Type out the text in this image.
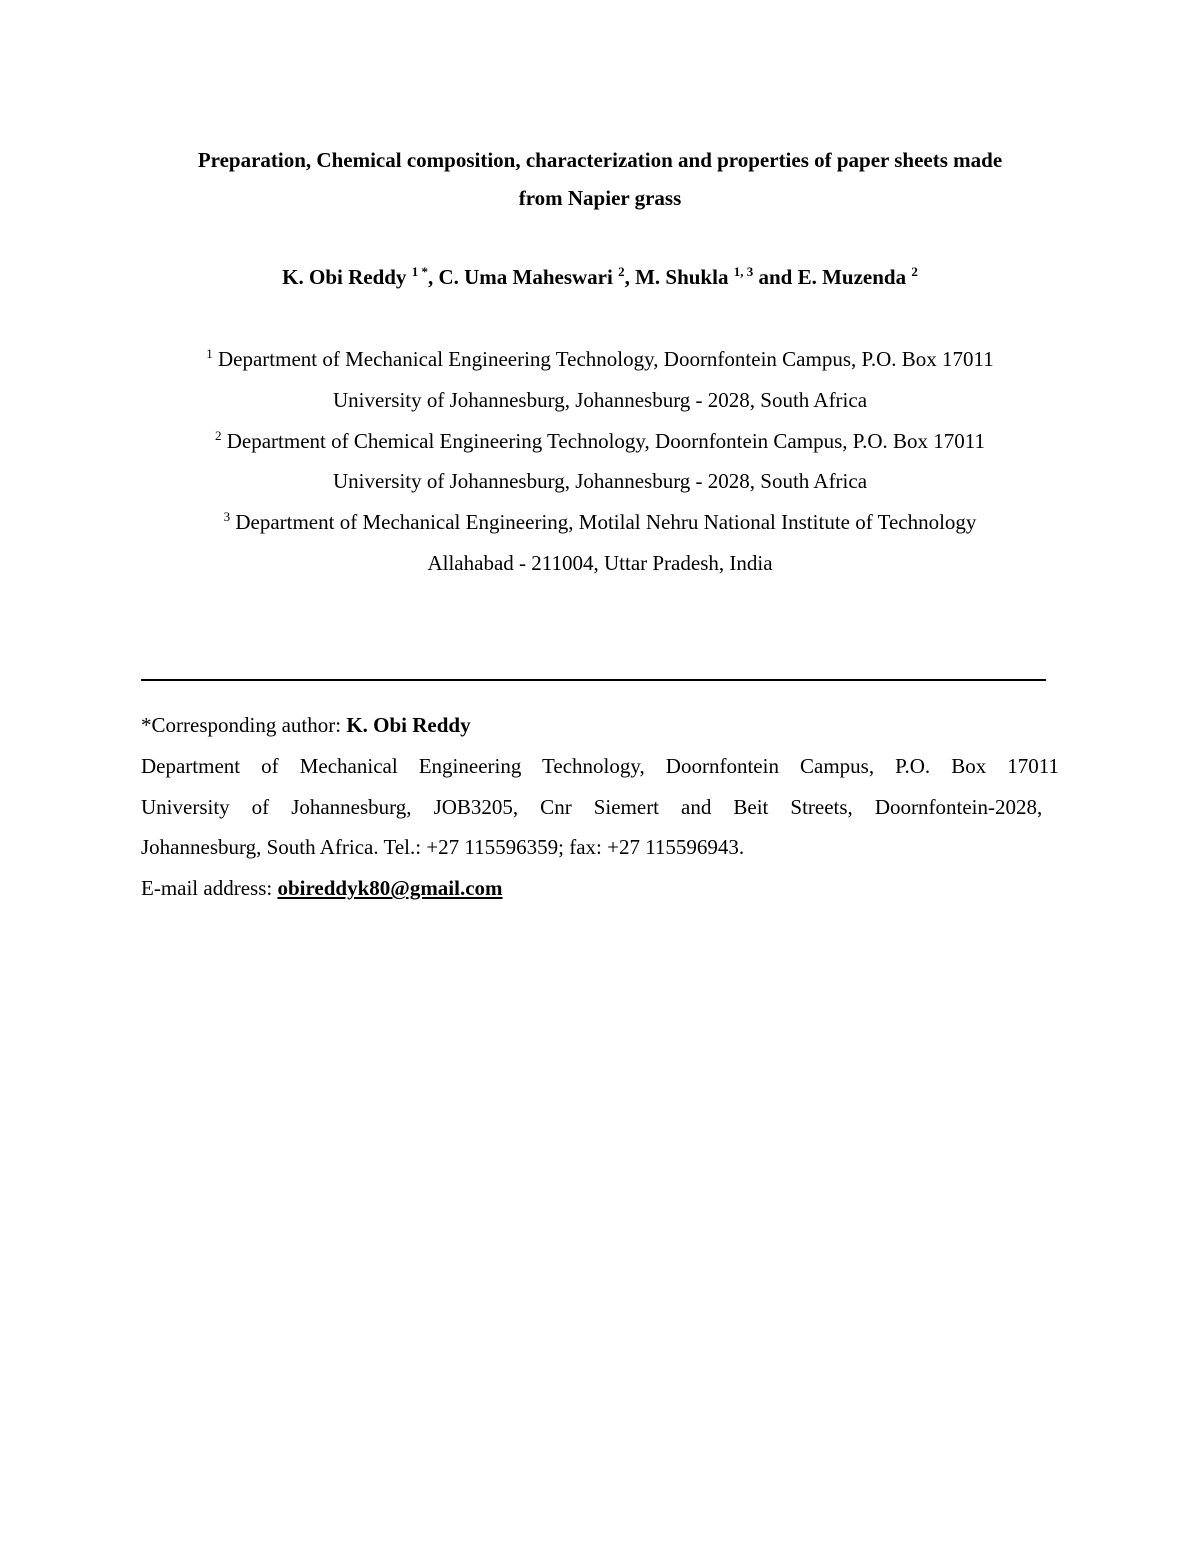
Preparation, Chemical composition, characterization and properties of paper sheets made
from Napier grass
K. Obi Reddy $^{1 *}$, C. Uma Maheswari $^2$, M. Shukla $^{1, 3}$ and E. Muzenda $^2$
$^1$ Department of Mechanical Engineering Technology, Doornfontein Campus, P.O. Box 17011
University of Johannesburg, Johannesburg - 2028, South Africa
$^2$ Department of Chemical Engineering Technology, Doornfontein Campus, P.O. Box 17011
University of Johannesburg, Johannesburg - 2028, South Africa
$^3$ Department of Mechanical Engineering, Motilal Nehru National Institute of Technology
Allahabad - 211004, Uttar Pradesh, India
*Corresponding author: K. Obi Reddy
Department of Mechanical Engineering Technology, Doornfontein Campus, P.O. Box 17011
University of Johannesburg, JOB3205, Cnr Siemert and Beit Streets, Doornfontein-2028,
Johannesburg, South Africa. Tel.: +27 115596359; fax: +27 115596943.
E-mail address: obireddyk80@gmail.com
